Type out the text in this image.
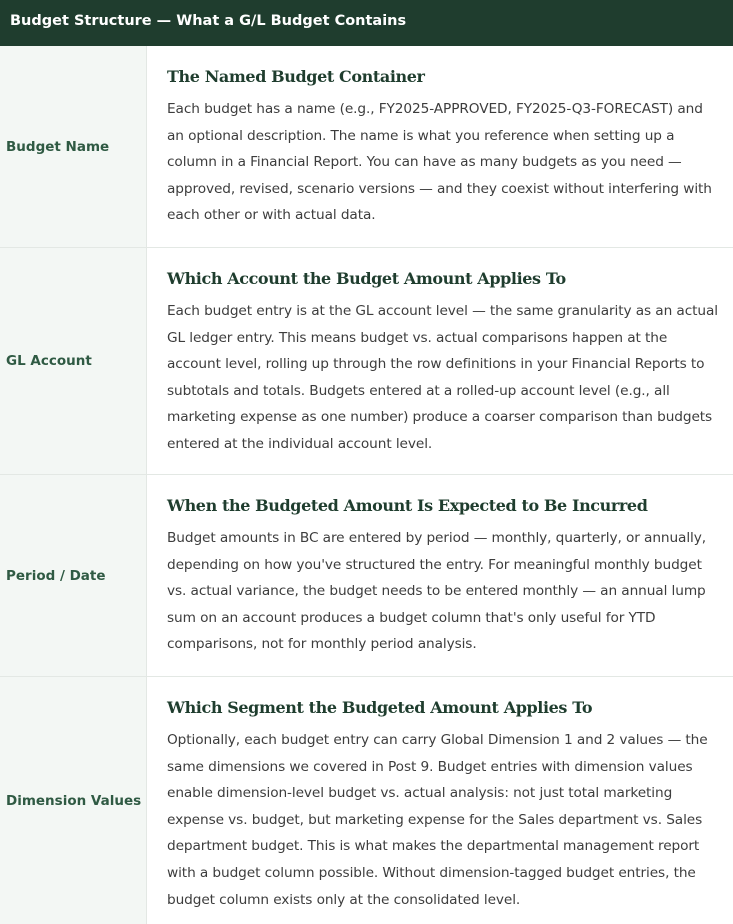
Budget Structure — What a G/L Budget Contains
Budget Name

The Named Budget Container

Each budget has a name (e.g., FY2025-APPROVED, FY2025-Q3-FORECAST) and an optional description. The name is what you reference when setting up a column in a Financial Report. You can have as many budgets as you need — approved, revised, scenario versions — and they coexist without interfering with each other or with actual data.

GL Account

Which Account the Budget Amount Applies To

Each budget entry is at the GL account level — the same granularity as an actual GL ledger entry. This means budget vs. actual comparisons happen at the account level, rolling up through the row definitions in your Financial Reports to subtotals and totals. Budgets entered at a rolled-up account level (e.g., all marketing expense as one number) produce a coarser comparison than budgets entered at the individual account level.

Period / Date

When the Budgeted Amount Is Expected to Be Incurred

Budget amounts in BC are entered by period — monthly, quarterly, or annually, depending on how you've structured the entry. For meaningful monthly budget vs. actual variance, the budget needs to be entered monthly — an annual lump sum on an account produces a budget column that's only useful for YTD comparisons, not for monthly period analysis.

Dimension Values

Which Segment the Budgeted Amount Applies To

Optionally, each budget entry can carry Global Dimension 1 and 2 values — the same dimensions we covered in Post 9. Budget entries with dimension values enable dimension-level budget vs. actual analysis: not just total marketing expense vs. budget, but marketing expense for the Sales department vs. Sales department budget. This is what makes the departmental management report with a budget column possible. Without dimension-tagged budget entries, the budget column exists only at the consolidated level.
